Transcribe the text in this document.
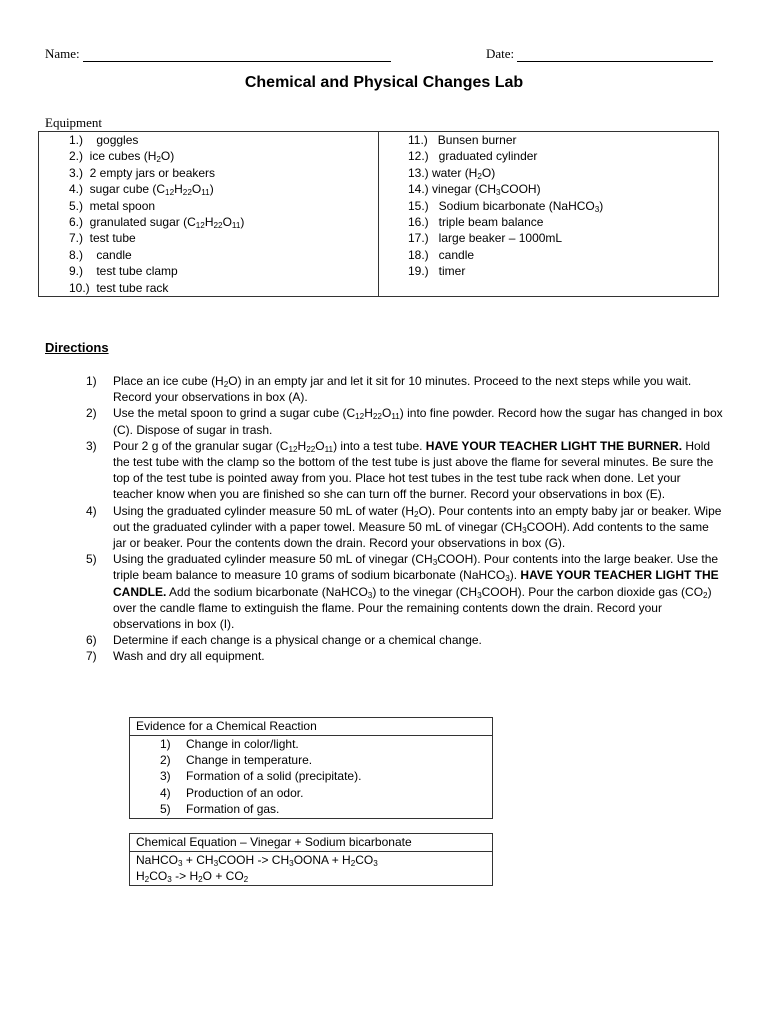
Name:	Date:
Chemical and Physical Changes Lab
Equipment
1.)    goggles
2.)  ice cubes $(H_2O)$
3.)  2 empty jars or beakers
4.)  sugar cube $(C_{12}H_{22}O_{11})$
5.)  metal spoon
6.)  granulated sugar $(C_{12}H_{22}O_{11})$
7.)  test tube
8.)    candle
9.)    test tube clamp
10.)  test tube rack

11.)   Bunsen burner
12.)   graduated cylinder
13.) water $(H_2O)$
14.) vinegar $(CH_3COOH)$
15.)   Sodium bicarbonate (NaHCO$_3$)
16.)   triple beam balance
17.)   large beaker – 1000mL
18.)   candle
19.)   timer
Directions
1) Place an ice cube $(H_2O)$ in an empty jar and let it sit for 10 minutes. Proceed to the next steps while you wait. Record your observations in box (A).
2) Use the metal spoon to grind a sugar cube $(C_{12}H_{22}O_{11})$ into fine powder. Record how the sugar has changed in box (C). Dispose of sugar in trash.
3) Pour 2 g of the granular sugar $(C_{12}H_{22}O_{11})$ into a test tube. HAVE YOUR TEACHER LIGHT THE BURNER. Hold the test tube with the clamp so the bottom of the test tube is just above the flame for several minutes. Be sure the top of the test tube is pointed away from you. Place hot test tubes in the test tube rack when done. Let your teacher know when you are finished so she can turn off the burner. Record your observations in box (E).
4) Using the graduated cylinder measure 50 mL of water $(H_2O)$. Pour contents into an empty baby jar or beaker. Wipe out the graduated cylinder with a paper towel. Measure 50 mL of vinegar $(CH_3COOH)$. Add contents to the same jar or beaker. Pour the contents down the drain. Record your observations in box (G).
5) Using the graduated cylinder measure 50 mL of vinegar $(CH_3COOH)$. Pour contents into the large beaker. Use the triple beam balance to measure 10 grams of sodium bicarbonate (NaHCO$_3$). HAVE YOUR TEACHER LIGHT THE CANDLE. Add the sodium bicarbonate (NaHCO$_3$) to the vinegar $(CH_3COOH)$. Pour the carbon dioxide gas $(CO_2)$ over the candle flame to extinguish the flame. Pour the remaining contents down the drain. Record your observations in box (I).
6) Determine if each change is a physical change or a chemical change.
7) Wash and dry all equipment.
Evidence for a Chemical Reaction
1) Change in color/light.
2) Change in temperature.
3) Formation of a solid (precipitate).
4) Production of an odor.
5) Formation of gas.
Chemical Equation – Vinegar + Sodium bicarbonate
NaHCO$_3$ + $CH_3COOH$ -> $CH_3OONA + H_2CO_3$
$H_2CO_3 -> H_2O + CO_2$
